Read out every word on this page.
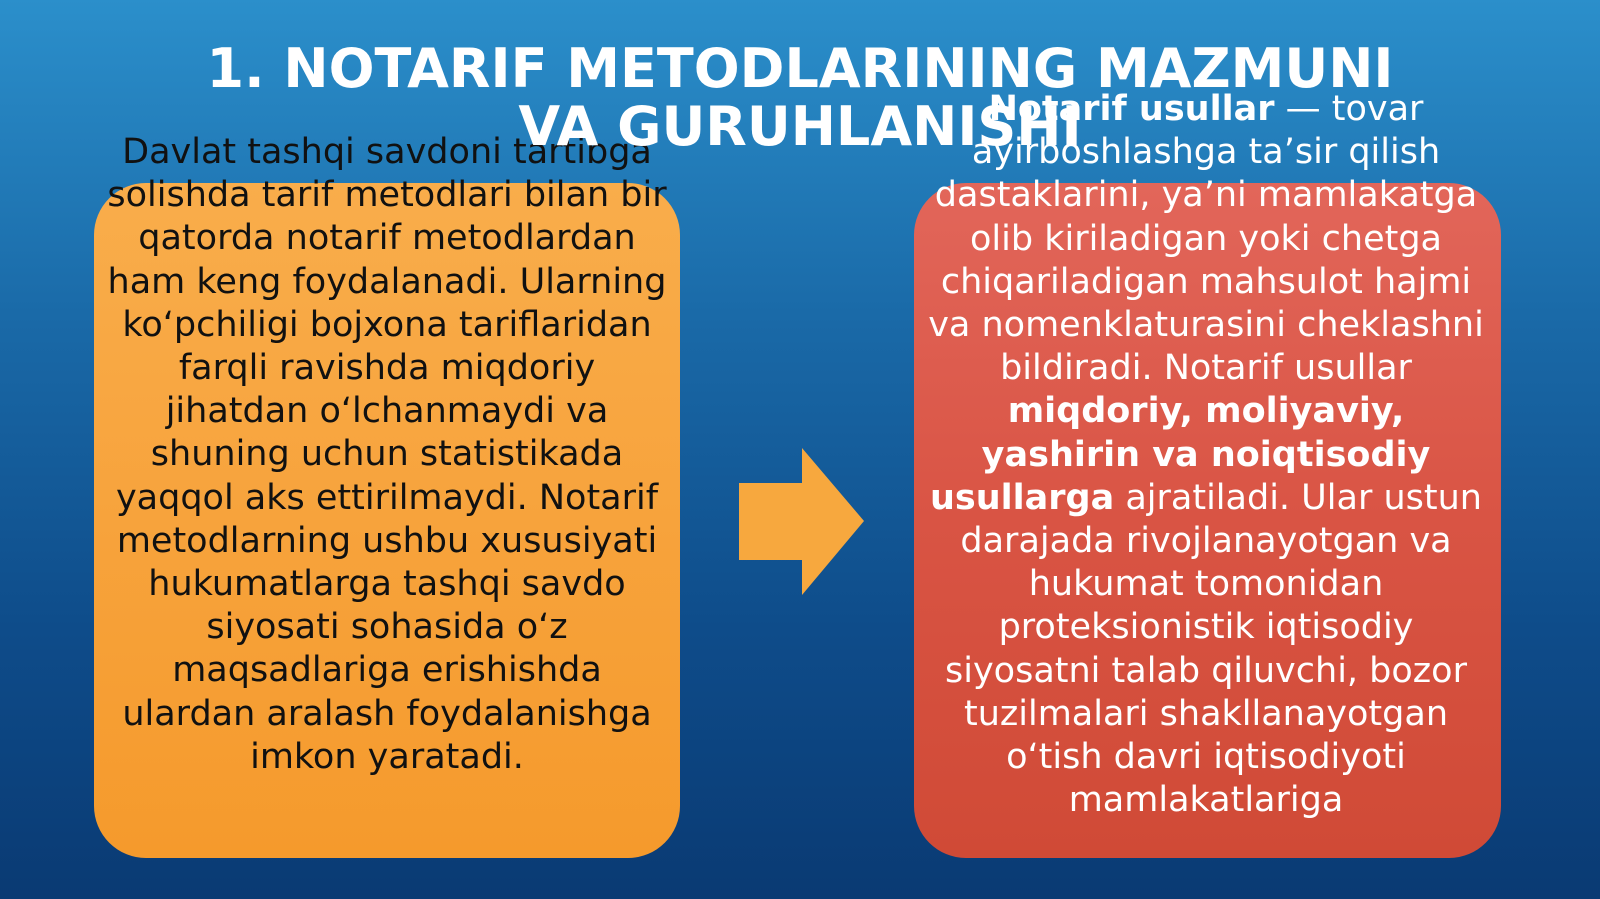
Davlat tashqi savdoni tartibga solishda tarif metodlari bilan bir qatorda notarif metodlardan ham keng foydalanadi. Ularning ko‘pchiligi bojxona tariflaridan farqli ravishda miqdoriy jihatdan o‘lchanmaydi va shuning uchun statistikada yaqqol aks ettirilmaydi. Notarif metodlarning ushbu xususiyati hukumatlarga tashqi savdo siyosati sohasida o‘z maqsadlariga erishishda ulardan aralash foydalanishga imkon yaratadi.
Notarif usullar — tovar ayirboshlashga ta’sir qilish dastaklarini, ya’ni mamlakatga olib kiriladigan yoki chetga chiqariladigan mahsulot hajmi va nomenklaturasini cheklashni bildiradi. Notarif usullar miqdoriy, moliyaviy, yashirin va noiqtisodiy usullarga ajratiladi. Ular ustun darajada rivojlanayotgan va hukumat tomonidan proteksionistik iqtisodiy siyosatni talab qiluvchi, bozor tuzilmalari shakllanayotgan o‘tish davri iqtisodiyoti mamlakatlariga
1. NOTARIF METODLARINING MAZMUNI
VA GURUHLANISHI
